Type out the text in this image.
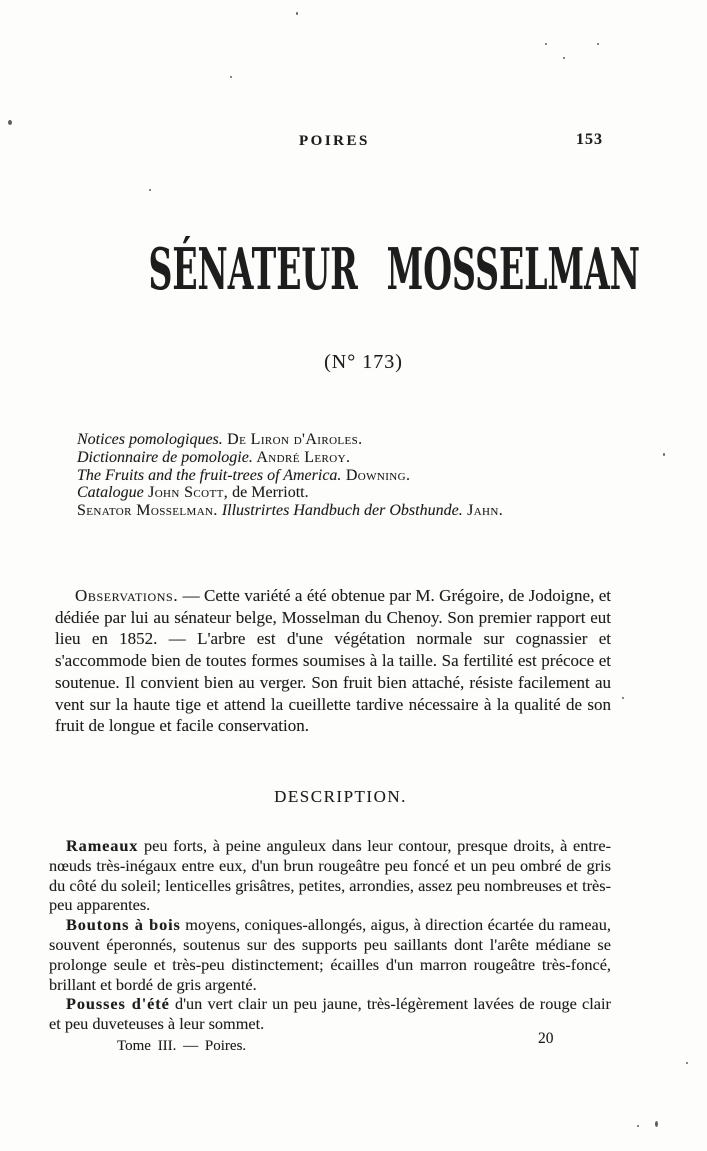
POIRES	153
SÉNATEUR MOSSELMAN
(N° 173)
Notices pomologiques. De Liron d'Airoles.
Dictionnaire de pomologie. André Leroy.
The Fruits and the fruit-trees of America. Downing.
Catalogue John Scott, de Merriott.
Senator Mosselman. Illustrirtes Handbuch der Obsthunde. Jahn.

Observations. — Cette variété a été obtenue par M. Grégoire, de Jodoigne, et dédiée par lui au sénateur belge, Mosselman du Chenoy. Son premier rapport eut lieu en 1852. — L'arbre est d'une végétation normale sur cognassier et s'accommode bien de toutes formes soumises à la taille. Sa fertilité est précoce et soutenue. Il convient bien au verger. Son fruit bien attaché, résiste facilement au vent sur la haute tige et attend la cueillette tardive nécessaire à la qualité de son fruit de longue et facile conservation.

DESCRIPTION.

Rameaux peu forts, à peine anguleux dans leur contour, presque droits, à entre-nœuds très-inégaux entre eux, d'un brun rougeâtre peu foncé et un peu ombré de gris du côté du soleil; lenticelles grisâtres, petites, arrondies, assez peu nombreuses et très-peu apparentes.

Boutons à bois moyens, coniques-allongés, aigus, à direction écartée du rameau, souvent éperonnés, soutenus sur des supports peu saillants dont l'arête médiane se prolonge seule et très-peu distinctement; écailles d'un marron rougeâtre très-foncé, brillant et bordé de gris argenté.

Pousses d'été d'un vert clair un peu jaune, très-légèrement lavées de rouge clair et peu duveteuses à leur sommet.

Tome III. — Poires.	20
